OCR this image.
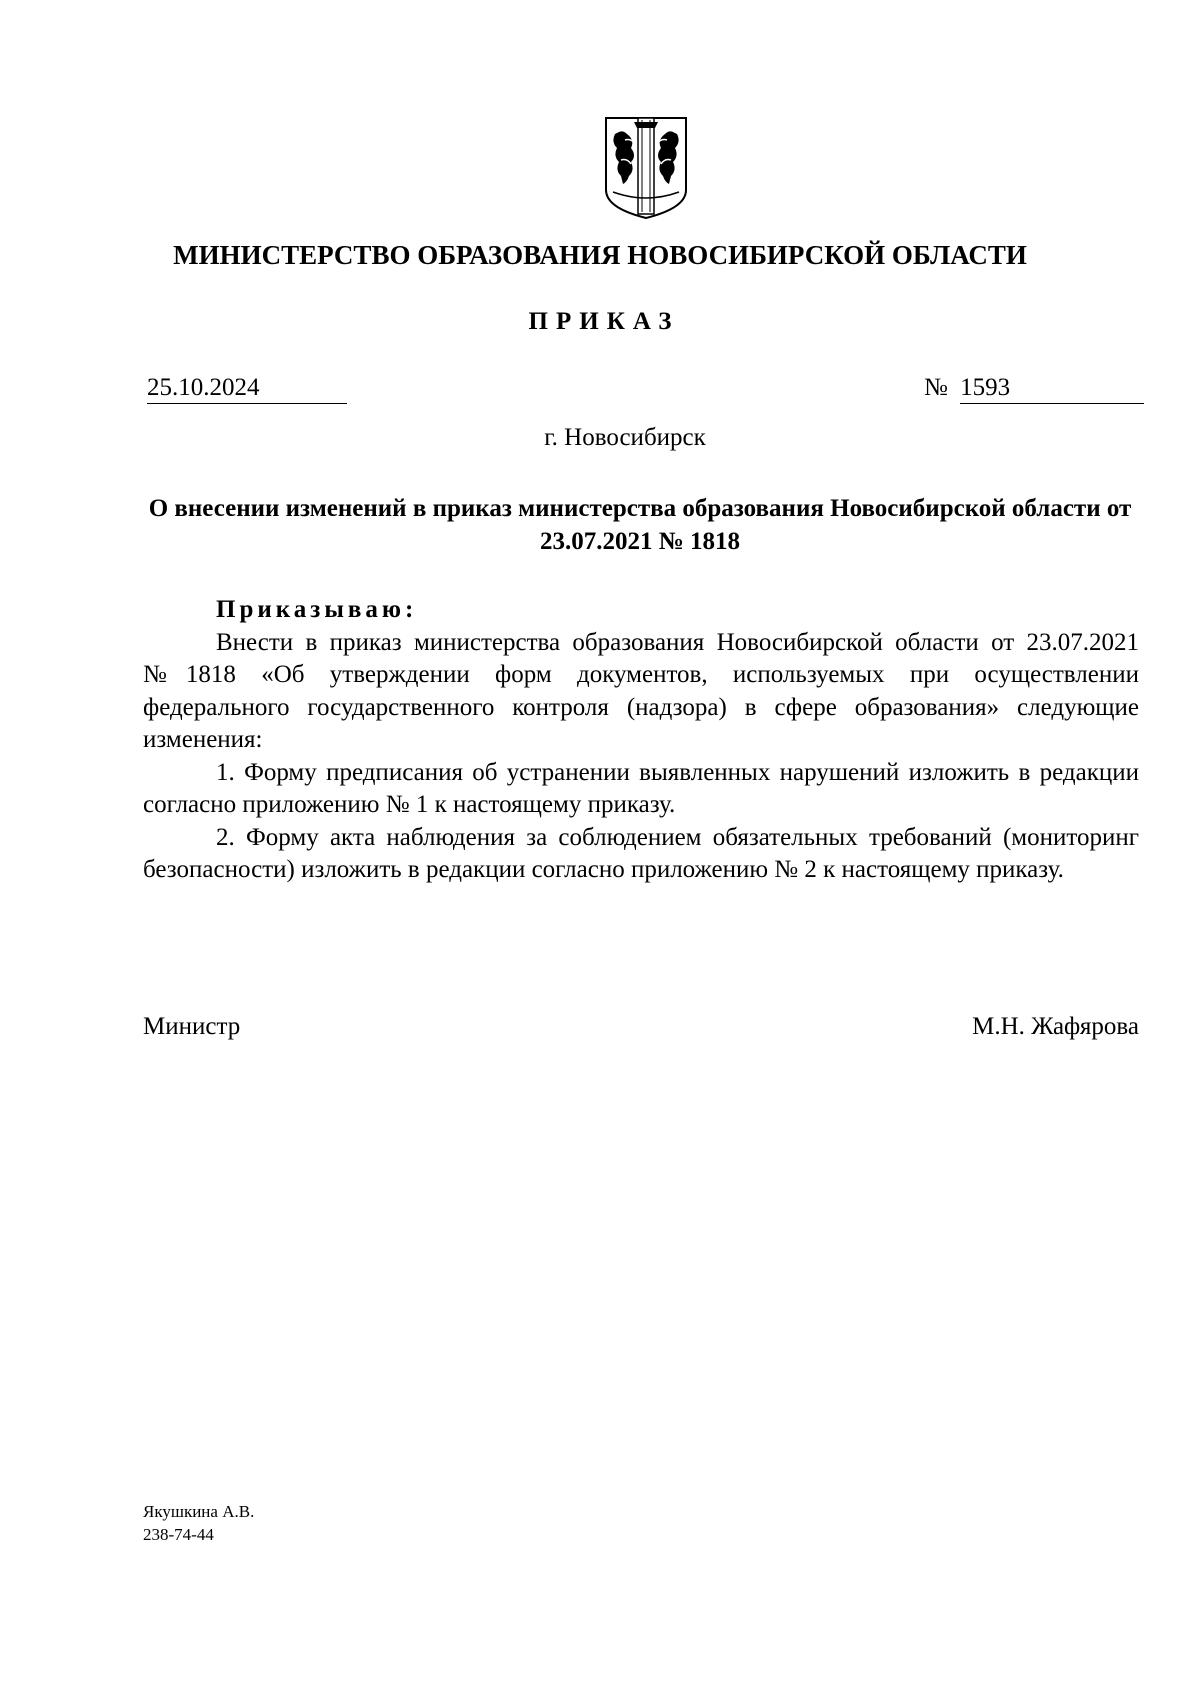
МИНИСТЕРСТВО ОБРАЗОВАНИЯ НОВОСИБИРСКОЙ ОБЛАСТИ
ПРИКАЗ
25.10.2024	№ 1593
г. Новосибирск
О внесении изменений в приказ министерства образования Новосибирской области от 23.07.2021 № 1818

Приказываю:

Внести в приказ министерства образования Новосибирской области от 23.07.2021 №1818 «Об утверждении форм документов, используемых при осуществлении федерального государственного контроля (надзора) в сфере образования» следующие изменения:

1. Форму предписания об устранении выявленных нарушений изложить в редакции согласно приложению № 1 к настоящему приказу.

2. Форму акта наблюдения за соблюдением обязательных требований (мониторинг безопасности) изложить в редакции согласно приложению № 2 к настоящему приказу.

Министр	М.Н. Жафярова
Якушкина А.В.
238-74-44
